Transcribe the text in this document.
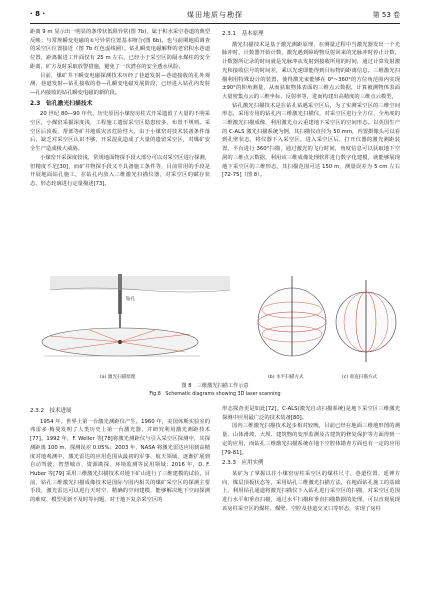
· 8 ·	煤田地质与勘探	第 53 卷

距离 9 m 显示出一明显的条带状低阻异常(图 7b)，属于积水采空巷道的典型反映；与常规瞬变电磁的①号异常位置基本吻合(图 6b)。也与前期地质调查的采空区位置接近（图 7b 红色虚线圈）。钻孔瞬变电磁解释的老窑积水巷道位置，距离掘进工作面仅有 25 m 左右，已经小于采空区防隔水煤柱的安全距离，矿方及时采取放警措施，避免了一次潜在的安全透水风险。

目前，煤矿井下瞬变电磁探测技术历经了巷道发射—巷道接收的孔外观测，巷道发射—钻孔接收的巷—孔瞬变电磁发展阶段，已经进入钻孔内发射—孔内接收的钻孔瞬变电磁的新阶段。

2.3　钻孔激光扫描技术

20 世纪 80—90 年代，历史原因小煤窑房柱式开采遗留了大量的不明采空区，小煤窑采掘深度浅，工程施工遗留采空区隐患较多，布置不规则。采空区后顶板、帮部等矿井地质灾害危险性大，由于小煤窑对技术装备条件落后，缺乏对采空区认识不够，开采混乱造成了大量的遗留采空区，对煤矿安全生产造成极大威胁。

小煤窑开采深度较浅，常规地面物探手段大部分可以对采空区进行探测，但精度不足[30]，而矿井物探手段又不具备施工条件等，目前常用的手段是开展地面钻孔施工，在钻孔内放入三维激光扫描仪器，对采空区的赋存状态、形态轮廓进行定量描述[73]。

2.3.1　基本原理

激光扫描技术是基于激光测距原理，在测量过程中当激光器发出一个光脉冲时，计数器开始计数，激光遇到障碍物反射回来的光脉冲时停止计数，计数器所记录的时间就是光脉冲从发射到接收所用的时间，通过计算发射激光和接收信号的时间差，乘以光速即能得到目标物的距离信息。三维激光扫描利用特殊设计的装置，使得激光束能够在 0°~360°的方位角范围内实现±90°的仰角测量，从而获取物体表面的三维点云数据，计算被测物体表面大量密集点云的三维坐标、反射率等，进而构建出高精度的三维点云模型。

钻孔激光扫描技术是在钻孔钻遇采空区后，为了实测采空区的三维空间形态，采用专用的钻孔内三维激光扫描仪，对采空区进行全方位、全角度的三维激光扫描成像，利用激光点云重建地下采空区的空间形态。以英国生产的 C-ALS 激光扫描系统为例，其扫描仪直径为 50 mm，内置摄像头可以看到孔壁状态，将仪器下入采空区，进入采空区后，打开仪器的激光测距装置，平台进行 360°扫描，通过激光的飞行时间，角度信息可以获取地下空洞的三维点云数据，利用该三维成像处理软件进行数字化建模，就能够展现地下采空区的三维形态，其扫描范围可达 150 m，测量误差为 5 cm 左右[72-75]（图 8）。

钻孔
(a) 激光扫描原理	(b) 水平扫描方式	(c) 垂直扫描方式
图 8　三维激光扫描工作示意
Fig.8　Schematic diagrams showing 3D laser scanning
2.3.2　技术进展

1954 年，世界上第一台激光测距仪产生。1960 年，美国休斯实验室的弗雷多·梅曼发明了人类历史上第一台激光器，并研究利用激光测距技术[77]。1992 年，F. Weller 等[78]将激光测距仪与引入采空区探测中，其探测距离 100 m，探测误差 0.05%；2003 年，NASA 将激光雷达应用到高精度对地观测中，激光雷达的应用范围从最初的军事、航天领域，逐渐扩展到自动驾驶、智慧城市、资源勘探、环境监测等民用领域；2016 年，D. F. Huber 等[79] 采用三维激光扫描技术对地下矿山进行了三维建模的试验。目前，钻孔三维激光扫描成像技术是国际与国内相关的煤矿采空区的探测主要手段，激光雷达可以进行天时空、精确的空间建模，能够解决地下空间探测的难度、模型更新不及时等问题，对于地下复杂采空区的

形态探查更是如此[72]。C-ALS(激光自动扫描系统)是地下采空区三维激光探测中应用最广泛的技术装备[80]。

国内三维激光扫描技术起步相对较晚，目前已经在地面三维地形图的测量、山体滑坡、大坝、建筑物的变形监测及古建筑的修复保护等方面得到一定的应用，而钻孔三维激光扫描系统在地下空腔体勘查方面也有一定的应用[79-81]。

2.3.3　应用实例

某矿为了掌握以往小煤窑房柱采空区的煤柱尺寸、巷道位置、延伸方向、煤层顶板状态等，采用钻孔三维激光扫描方法，在地面钻孔施工的基础上，利用钻孔通道将激光扫描仪下入钻孔进行采空区的扫描，对采空区范围进行水平和垂直扫描，通过水平扫描和垂直扫描数据的处理，可以直观展现该房柱采空区的煤柱、煤壁、空腔及巷道交叉口等形态，实现了房柱
